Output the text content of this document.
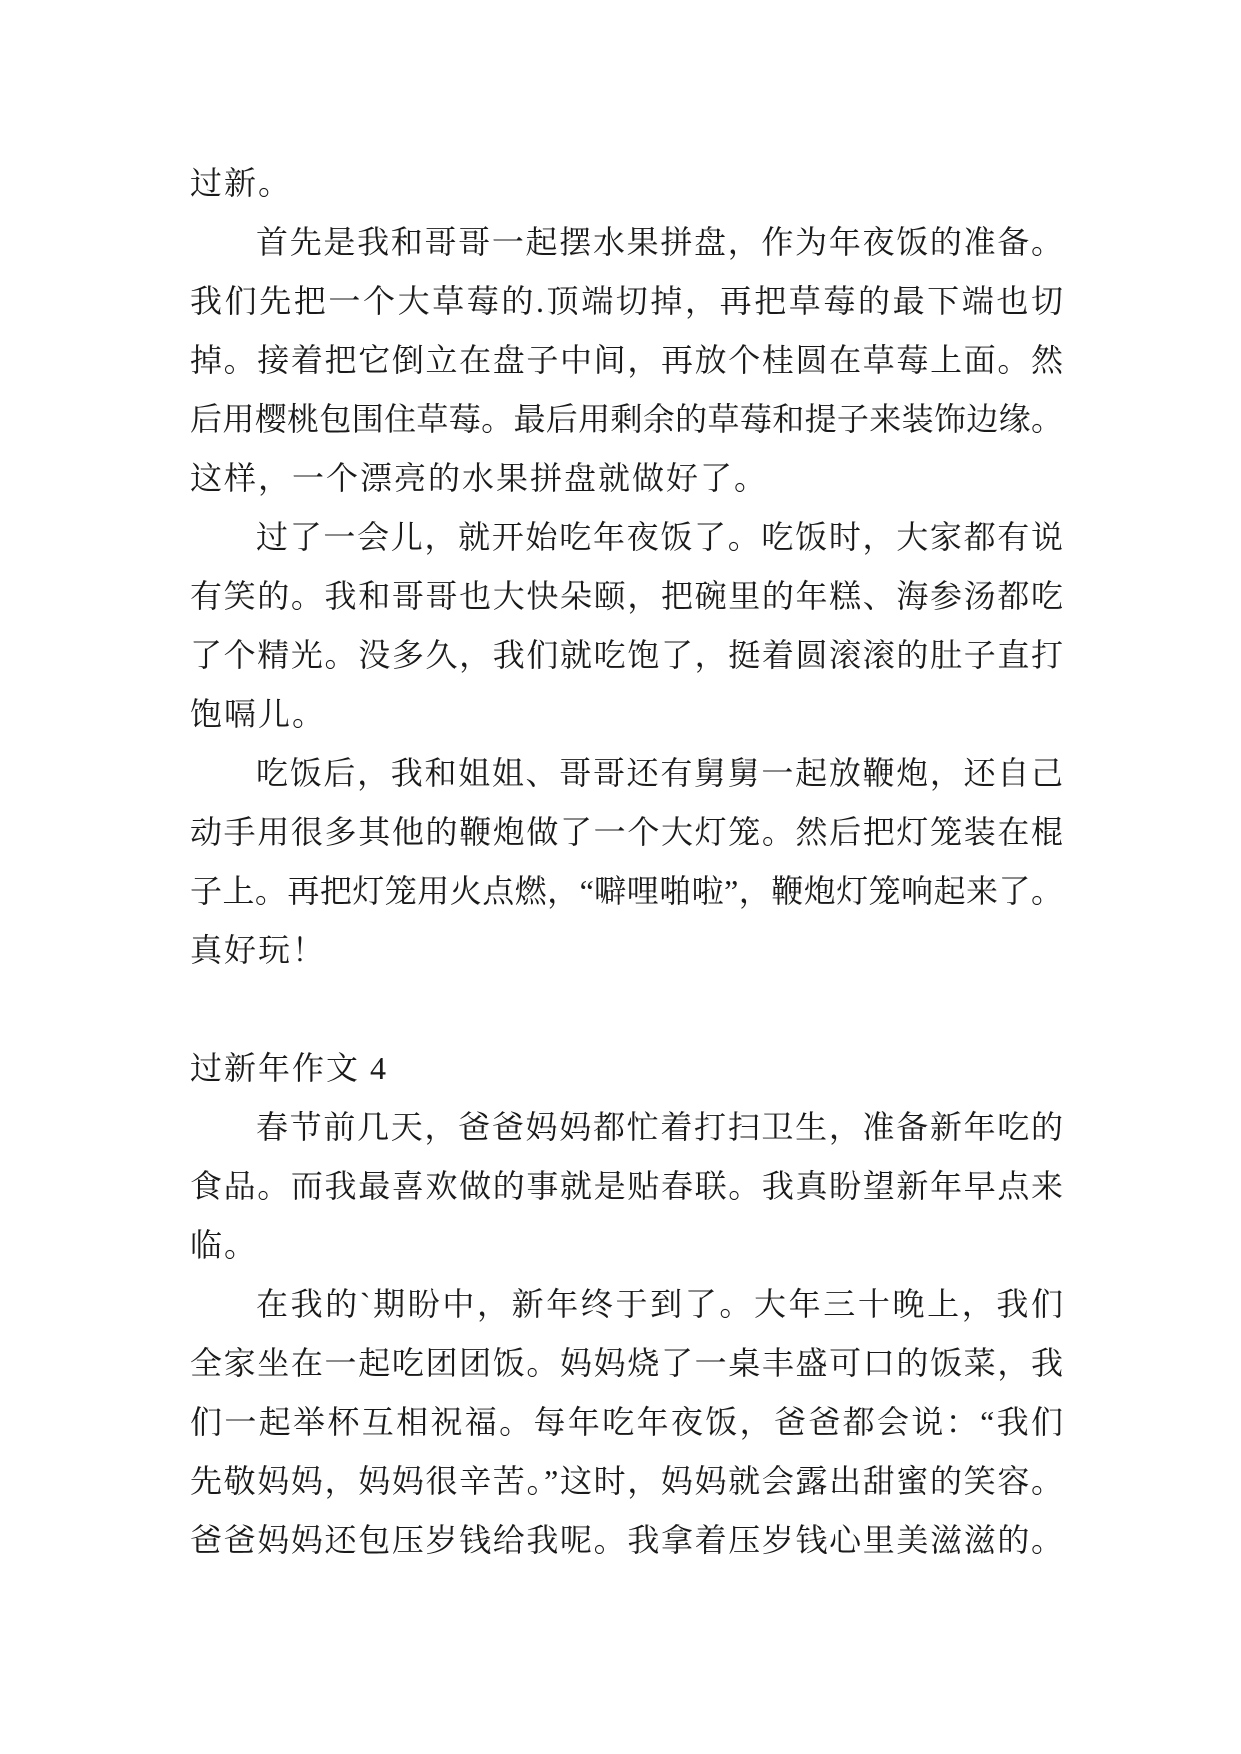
过新。
首先是我和哥哥一起摆水果拼盘，作为年夜饭的准备。
我们先把一个大草莓的.顶端切掉，再把草莓的最下端也切
掉。接着把它倒立在盘子中间，再放个桂圆在草莓上面。然
后用樱桃包围住草莓。最后用剩余的草莓和提子来装饰边缘。
这样，一个漂亮的水果拼盘就做好了。
过了一会儿，就开始吃年夜饭了。吃饭时，大家都有说
有笑的。我和哥哥也大快朵颐，把碗里的年糕、海参汤都吃
了个精光。没多久，我们就吃饱了，挺着圆滚滚的肚子直打
饱嗝儿。
吃饭后，我和姐姐、哥哥还有舅舅一起放鞭炮，还自己
动手用很多其他的鞭炮做了一个大灯笼。然后把灯笼装在棍
子上。再把灯笼用火点燃，“噼哩啪啦”，鞭炮灯笼响起来了。
真好玩！
过新年作文 4
春节前几天，爸爸妈妈都忙着打扫卫生，准备新年吃的
食品。而我最喜欢做的事就是贴春联。我真盼望新年早点来
临。
在我的`期盼中，新年终于到了。大年三十晚上，我们
全家坐在一起吃团团饭。妈妈烧了一桌丰盛可口的饭菜，我
们一起举杯互相祝福。每年吃年夜饭，爸爸都会说：“我们
先敬妈妈，妈妈很辛苦。”这时，妈妈就会露出甜蜜的笑容。
爸爸妈妈还包压岁钱给我呢。我拿着压岁钱心里美滋滋的。
